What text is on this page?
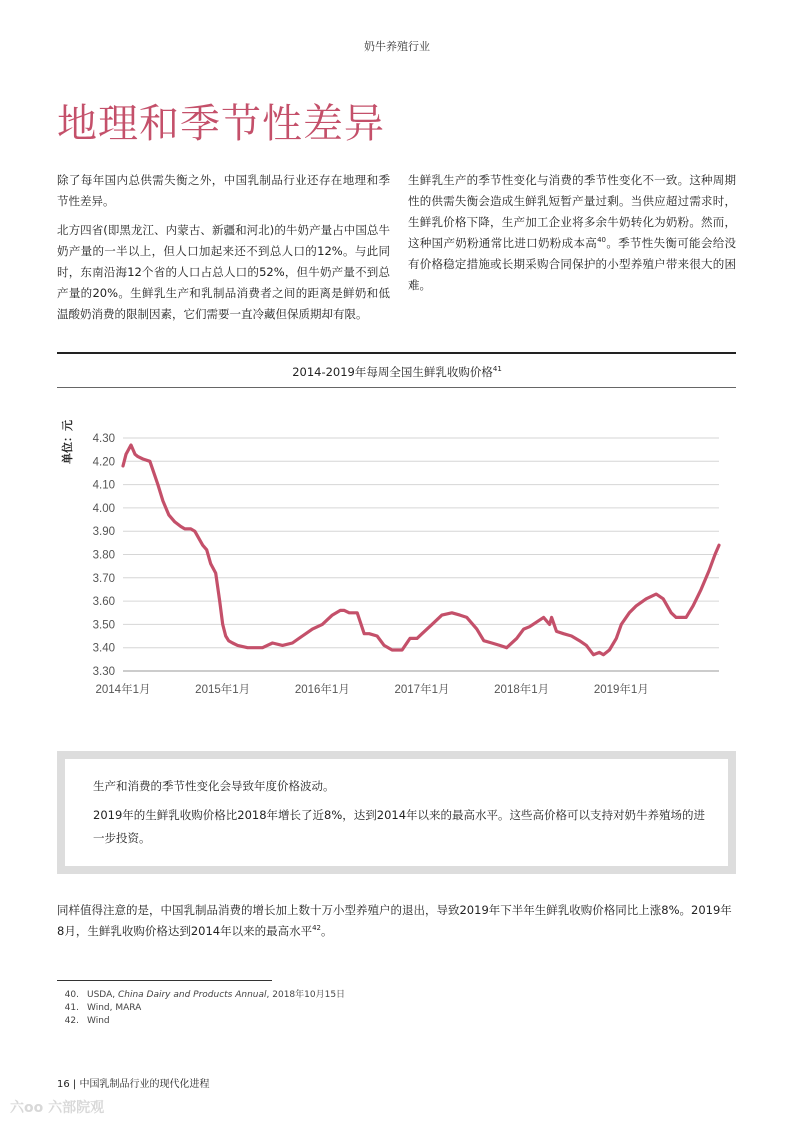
奶牛养殖行业
地理和季节性差异

除了每年国内总供需失衡之外，中国乳制品行业还存在地理和季节性差异。

北方四省(即黑龙江、内蒙古、新疆和河北)的牛奶产量占中国总牛奶产量的一半以上，但人口加起来还不到总人口的12%。与此同时，东南沿海12个省的人口占总人口的52%，但牛奶产量不到总产量的20%。生鲜乳生产和乳制品消费者之间的距离是鲜奶和低温酸奶消费的限制因素，它们需要一直冷藏但保质期却有限。

生鲜乳生产的季节性变化与消费的季节性变化不一致。这种周期性的供需失衡会造成生鲜乳短暂产量过剩。当供应超过需求时，生鲜乳价格下降，生产加工企业将多余牛奶转化为奶粉。然而，这种国产奶粉通常比进口奶粉成本高$^{40}$。季节性失衡可能会给没有价格稳定措施或长期采购合同保护的小型养殖户带来很大的困难。

2014-2019年每周全国生鲜乳收购价格$^{41}$
4.30
4.20
4.10
4.00
3.90
3.80
3.70
3.60
3.50
3.40
3.30
2014年1月	2015年1月	2016年1月	2017年1月	2018年1月	2019年1月
单位：元

生产和消费的季节性变化会导致年度价格波动。

2019年的生鲜乳收购价格比2018年增长了近8%，达到2014年以来的最高水平。这些高价格可以支持对奶牛养殖场的进一步投资。

同样值得注意的是，中国乳制品消费的增长加上数十万小型养殖户的退出，导致2019年下半年生鲜乳收购价格同比上涨8%。2019年8月，生鲜乳收购价格达到2014年以来的最高水平$^{42}$。
40. USDA, China Dairy and Products Annual, 2018年10月15日
41. Wind, MARA
42. Wind
16 | 中国乳制品行业的现代化进程
六oo 六部院观
